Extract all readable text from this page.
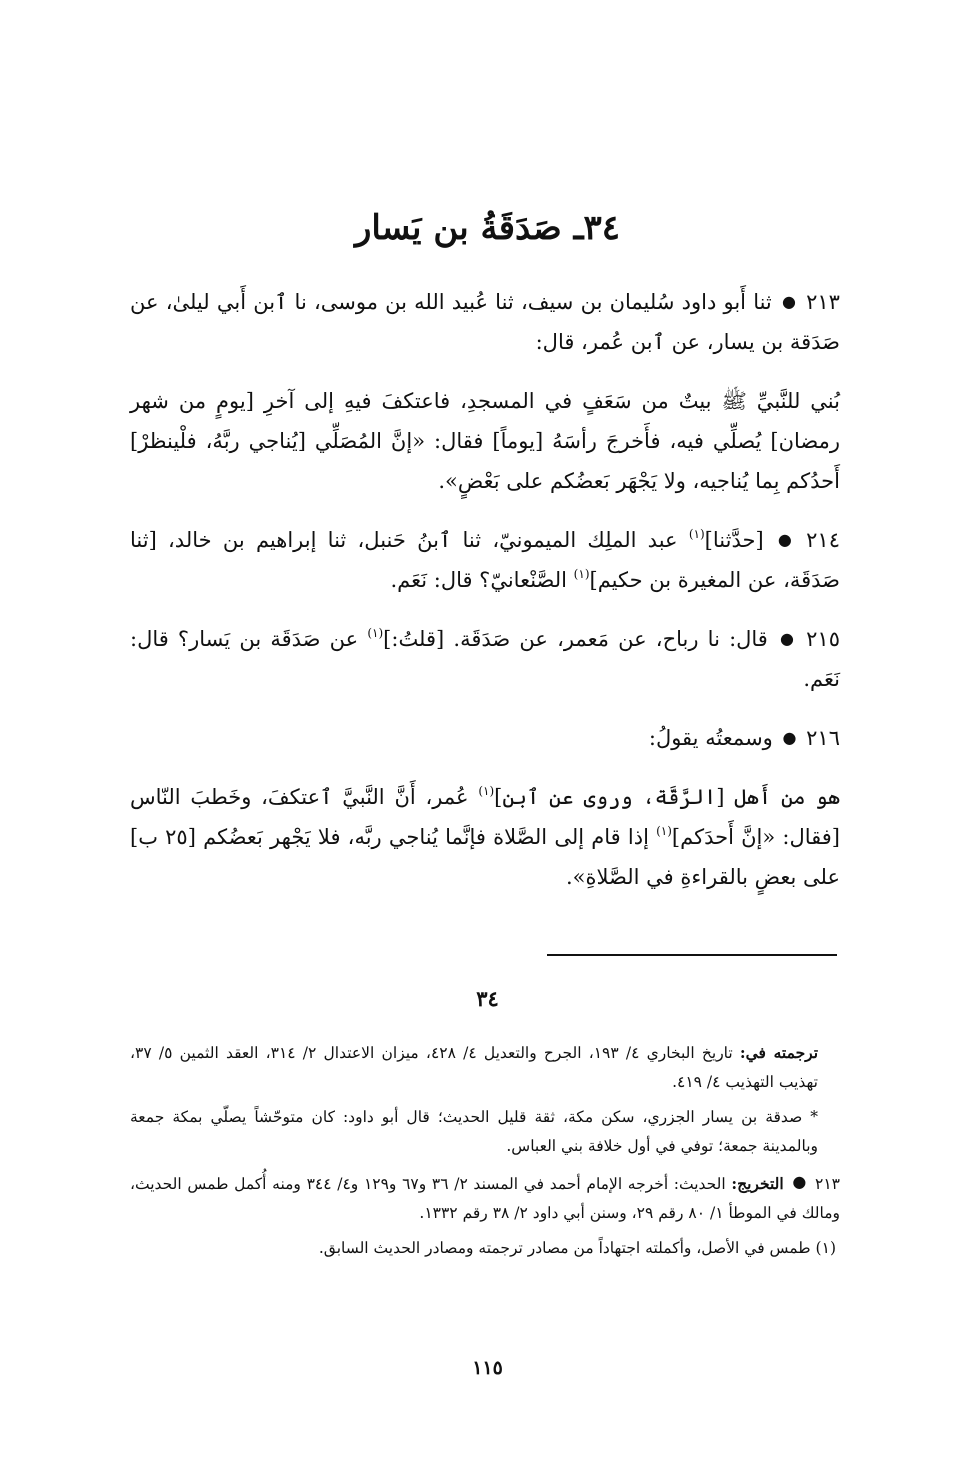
٣٤ـ صَدَقَةُ بن يَسار

٢١٣ ● ثنا أَبو داود سُليمان بن سيف، ثنا عُبيد الله بن موسى، نا ٱبن أَبي ليلىٰ، عن صَدَقة بن يسار، عن ٱبن عُمر، قال:

بُني للنَّبيِّ ﷺ بيتٌ من سَعَفٍ في المسجدِ، فاعتكفَ فيهِ إلى آخرِ [يومٍ من شهر رمضان] يُصلِّي فيه، فأَخرجَ رأسَهُ [يوماً] فقال: «إنَّ المُصَلِّي [يُناجي ربَّهُ، فلْينظرْ] أَحدُكم بِما يُناجيه، ولا يَجْهَر بَعضُكم على بَعْضٍ».

٢١٤ ● [حدَّثنا]$^{(١)}$ عبد الملِك الميمونيّ، ثنا ٱبنُ حَنبل، ثنا إبراهيم بن خالد، [ثنا صَدَقَة، عن المغيرة بن حكيم]$^{(١)}$ الصَّنْعانيّ؟ قال: نَعَم.

٢١٥ ● قال: نا رباح، عن مَعمر، عن صَدَقَة. [قلتُ:]$^{(١)}$ عن صَدَقَة بن يَسار؟ قال: نَعَم.

٢١٦ ● وسمعتُه يقولُ:

هو من أَهل [الرَّقَّة، وروى عن ٱبن]$^{(١)}$ عُمر، أَنَّ النَّبيَّ ٱعتكفَ، وخَطبَ النّاس [فقال: «إنَّ أَحدَكم]$^{(١)}$ إذا قام إلى الصَّلاة فإنَّما يُناجي ربَّه، فلا يَجْهر بَعضُكم [٢٥ ب] على بعضٍ بالقراءةِ في الصَّلاةِ».

٣٤

ترجمته في: تاريخ البخاري ٤/ ١٩٣، الجرح والتعديل ٤/ ٤٢٨، ميزان الاعتدال ٢/ ٣١٤، العقد الثمين ٥/ ٣٧، تهذيب التهذيب ٤/ ٤١٩.

* صدقة بن يسار الجزري، سكن مكة، ثقة قليل الحديث؛ قال أبو داود: كان متوحّشاً يصلّي بمكة جمعة وبالمدينة جمعة؛ توفي في أول خلافة بني العباس.

٢١٣ ● التخريج: الحديث: أخرجه الإمام أحمد في المسند ٢/ ٣٦ و٦٧ و١٢٩ و٤/ ٣٤٤ ومنه أُكمل طمس الحديث، ومالك في الموطأ ١/ ٨٠ رقم ٢٩، وسنن أبي داود ٢/ ٣٨ رقم ١٣٣٢.

(١) طمس في الأصل، وأكملته اجتهاداً من مصادر ترجمته ومصادر الحديث السابق.

١١٥
